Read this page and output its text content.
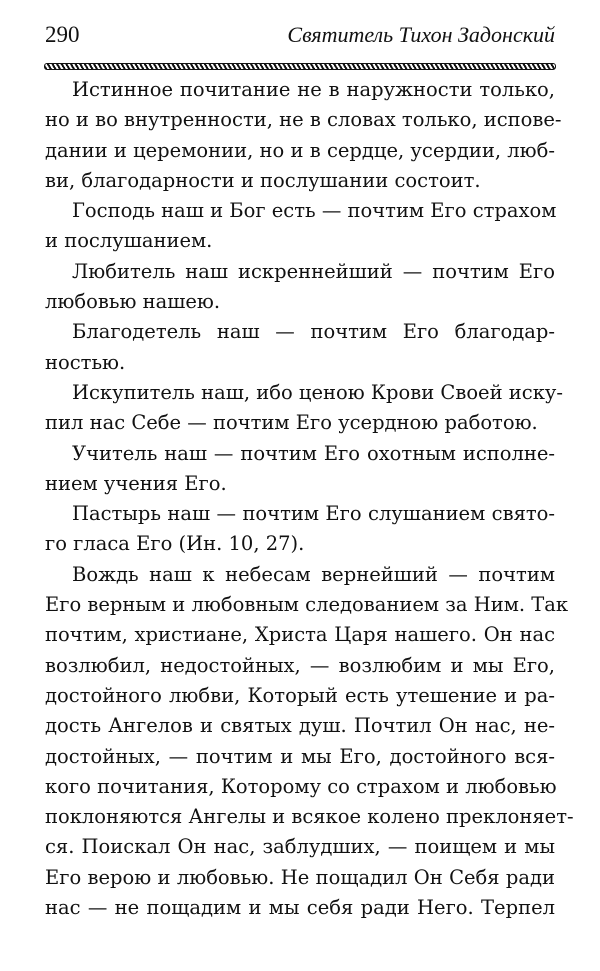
290	Святитель Тихон Задонский
Истинное почитание не в наружности только,
но и во внутренности, не в словах только, испове-
дании и церемонии, но и в сердце, усердии, люб-
ви, благодарности и послушании состоит.
Господь наш и Бог есть — почтим Его страхом
и послушанием.
Любитель наш искреннейший — почтим Его
любовью нашею.
Благодетель наш — почтим Его благодар-
ностью.
Искупитель наш, ибо ценою Крови Своей иску-
пил нас Себе — почтим Его усердною работою.
Учитель наш — почтим Его охотным исполне-
нием учения Его.
Пастырь наш — почтим Его слушанием свято-
го гласа Его (Ин. 10, 27).
Вождь наш к небесам вернейший — почтим
Его верным и любовным следованием за Ним. Так
почтим, христиане, Христа Царя нашего. Он нас
возлюбил, недостойных, — возлюбим и мы Его,
достойного любви, Который есть утешение и ра-
дость Ангелов и святых душ. Почтил Он нас, не-
достойных, — почтим и мы Его, достойного вся-
кого почитания, Которому со страхом и любовью
поклоняются Ангелы и всякое колено преклоняет-
ся. Поискал Он нас, заблудших, — поищем и мы
Его верою и любовью. Не пощадил Он Себя ради
нас — не пощадим и мы себя ради Него. Терпел
